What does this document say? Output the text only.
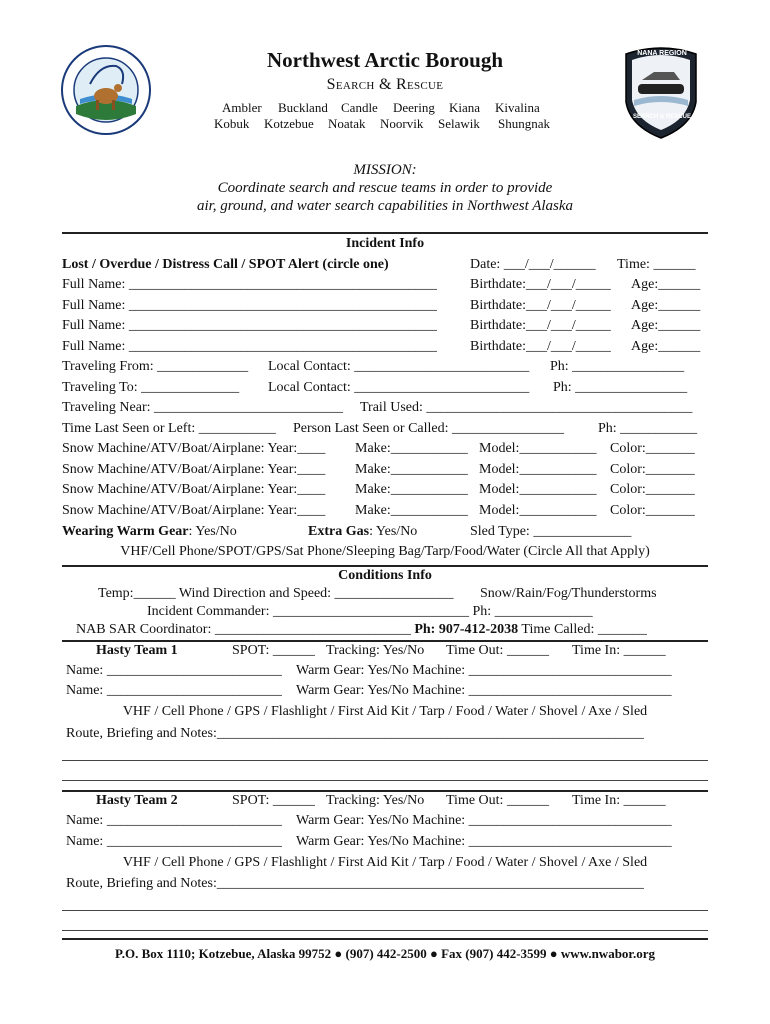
NANA REGION
SEARCH & RESCUE
Northwest Arctic Borough
Search & Rescue
Ambler Buckland Candle Deering Kiana Kivalina
Kobuk Kotzebue Noatak Noorvik Selawik Shungnak
MISSION:
Coordinate search and rescue teams in order to provide
air, ground, and water search capabilities in Northwest Alaska
Incident Info
Lost / Overdue / Distress Call / SPOT Alert (circle one)	Date: ___/___/______ Time: ______
Full Name: ____________________________________________ Birthdate:___/___/_____ Age:______
Full Name: ____________________________________________ Birthdate:___/___/_____ Age:______
Full Name: ____________________________________________ Birthdate:___/___/_____ Age:______
Full Name: ____________________________________________ Birthdate:___/___/_____ Age:______
Traveling From: _____________ Local Contact: _________________________ Ph: ________________
Traveling To: ______________ Local Contact: _________________________ Ph: ________________
Traveling Near: ___________________________ Trail Used: ______________________________________
Time Last Seen or Left: ___________ Person Last Seen or Called: ________________ Ph: ___________
Snow Machine/ATV/Boat/Airplane: Year:____ Make:___________ Model:___________ Color:_______
Snow Machine/ATV/Boat/Airplane: Year:____ Make:___________ Model:___________ Color:_______
Snow Machine/ATV/Boat/Airplane: Year:____ Make:___________ Model:___________ Color:_______
Snow Machine/ATV/Boat/Airplane: Year:____ Make:___________ Model:___________ Color:_______
Wearing Warm Gear: Yes/No	Extra Gas: Yes/No	Sled Type: ______________
VHF/Cell Phone/SPOT/GPS/Sat Phone/Sleeping Bag/Tarp/Food/Water (Circle All that Apply)
Conditions Info
Temp:______ Wind Direction and Speed: _________________ Snow/Rain/Fog/Thunderstorms
Incident Commander: ____________________________ Ph: ______________
NAB SAR Coordinator: ____________________________ Ph: 907-412-2038 Time Called: _______
Hasty Team 1	SPOT: ______ Tracking: Yes/No Time Out: ______ Time In: ______
Name: _________________________ Warm Gear: Yes/No Machine: _____________________________
Name: _________________________ Warm Gear: Yes/No Machine: _____________________________
VHF / Cell Phone / GPS / Flashlight / First Aid Kit / Tarp / Food / Water / Shovel / Axe / Sled
Route, Briefing and Notes:_____________________________________________________________
Hasty Team 2	SPOT: ______ Tracking: Yes/No Time Out: ______ Time In: ______
Name: _________________________ Warm Gear: Yes/No Machine: _____________________________
Name: _________________________ Warm Gear: Yes/No Machine: _____________________________
VHF / Cell Phone / GPS / Flashlight / First Aid Kit / Tarp / Food / Water / Shovel / Axe / Sled
Route, Briefing and Notes:_____________________________________________________________
P.O. Box 1110; Kotzebue, Alaska 99752 ● (907) 442-2500 ● Fax (907) 442-3599 ● www.nwabor.org
